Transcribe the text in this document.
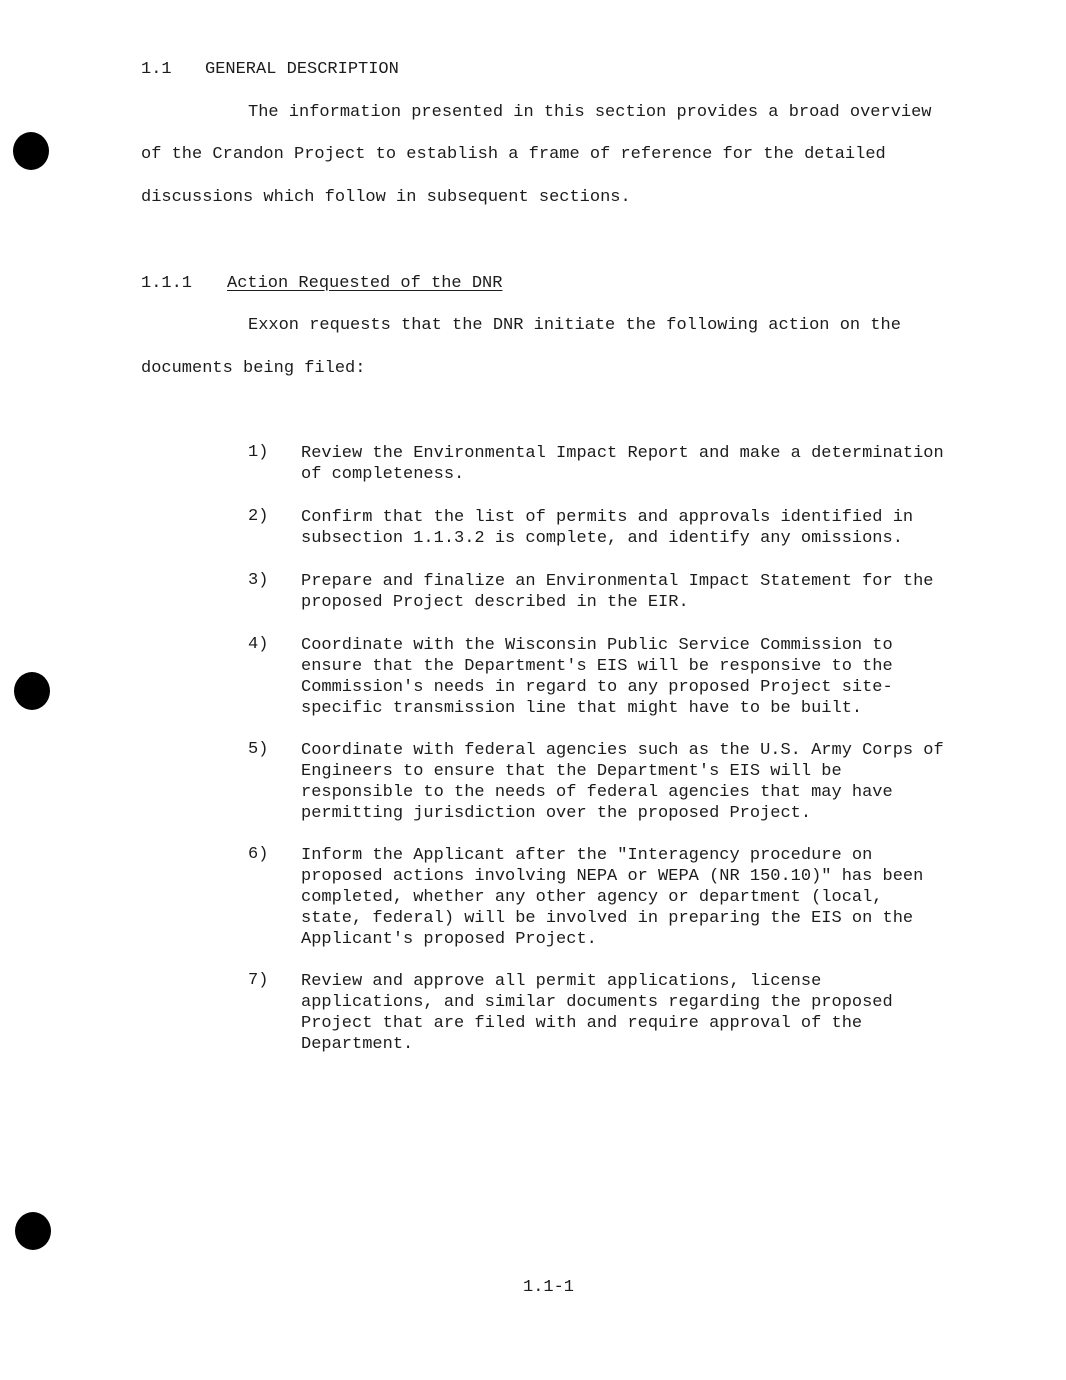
1.1 GENERAL DESCRIPTION
The information presented in this section provides a broad overview
of the Crandon Project to establish a frame of reference for the detailed
discussions which follow in subsequent sections.
1.1.1 Action Requested of the DNR
Exxon requests that the DNR initiate the following action on the
documents being filed:
1) Review the Environmental Impact Report and make a determination
of completeness.
2) Confirm that the list of permits and approvals identified in
subsection 1.1.3.2 is complete, and identify any omissions.
3) Prepare and finalize an Environmental Impact Statement for the
proposed Project described in the EIR.
4) Coordinate with the Wisconsin Public Service Commission to
ensure that the Department's EIS will be responsive to the
Commission's needs in regard to any proposed Project site-
specific transmission line that might have to be built.
5) Coordinate with federal agencies such as the U.S. Army Corps of
Engineers to ensure that the Department's EIS will be
responsible to the needs of federal agencies that may have
permitting jurisdiction over the proposed Project.
6) Inform the Applicant after the "Interagency procedure on
proposed actions involving NEPA or WEPA (NR 150.10)" has been
completed, whether any other agency or department (local,
state, federal) will be involved in preparing the EIS on the
Applicant's proposed Project.
7) Review and approve all permit applications, license
applications, and similar documents regarding the proposed
Project that are filed with and require approval of the
Department.
1.1-1
